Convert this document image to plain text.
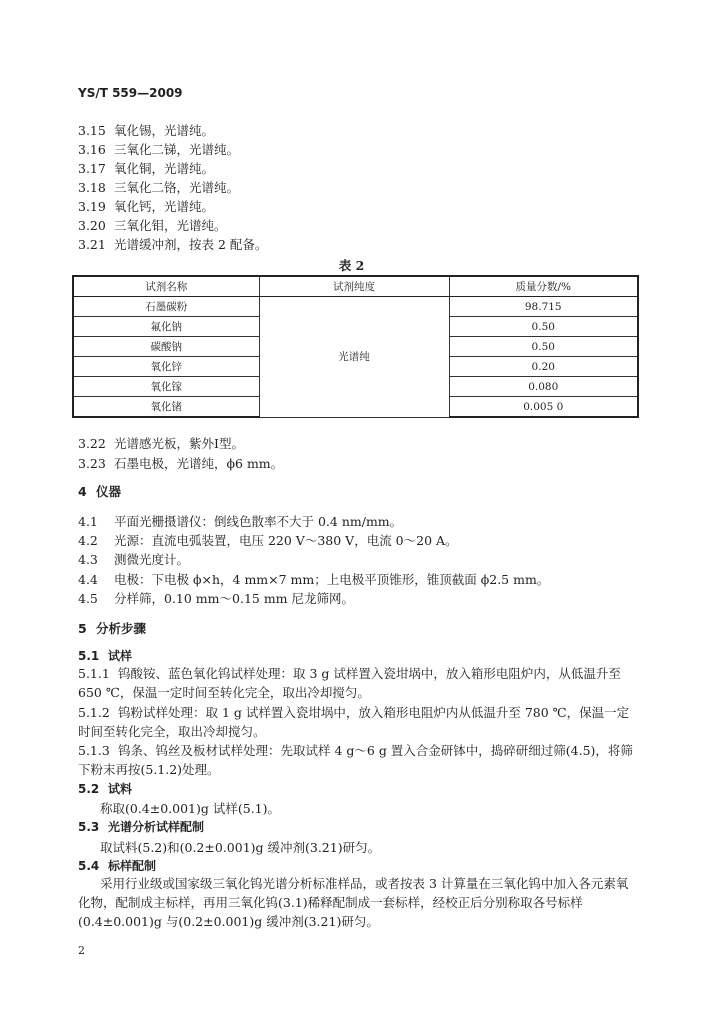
YS/T 559—2009
3.15 氧化锡，光谱纯。
3.16 三氧化二锑，光谱纯。
3.17 氧化铜，光谱纯。
3.18 三氧化二铬，光谱纯。
3.19 氧化钙，光谱纯。
3.20 三氧化钼，光谱纯。
3.21 光谱缓冲剂，按表 2 配备。
表 2
试剂名称	试剂纯度	质量分数/%
石墨碳粉	光谱纯	98.715
氟化钠		0.50
碳酸钠		0.50
氧化锌		0.20
氧化镓		0.080
氧化锗		0.005 0
3.22 光谱感光板，紫外Ⅰ型。
3.23 石墨电极，光谱纯，ϕ6 mm。
4 仪器
4.1 平面光栅摄谱仪：倒线色散率不大于 0.4 nm/mm。
4.2 光源：直流电弧装置，电压 220 V～380 V，电流 0～20 A。
4.3 测微光度计。
4.4 电极：下电极 ϕ×h，4 mm×7 mm；上电极平顶锥形，锥顶截面 ϕ2.5 mm。
4.5 分样筛，0.10 mm～0.15 mm 尼龙筛网。
5 分析步骤
5.1 试样
5.1.1 钨酸铵、蓝色氧化钨试样处理：取 3 g 试样置入瓷坩埚中，放入箱形电阻炉内，从低温升至 650 ℃，保温一定时间至转化完全，取出冷却搅匀。
5.1.2 钨粉试样处理：取 1 g 试样置入瓷坩埚中，放入箱形电阻炉内从低温升至 780 ℃，保温一定时间至转化完全，取出冷却搅匀。
5.1.3 钨条、钨丝及板材试样处理：先取试样 4 g～6 g 置入合金研钵中，捣碎研细过筛(4.5)，将筛下粉末再按(5.1.2)处理。
5.2 试料
称取(0.4±0.001)g 试样(5.1)。
5.3 光谱分析试样配制
取试料(5.2)和(0.2±0.001)g 缓冲剂(3.21)研匀。
5.4 标样配制
采用行业级或国家级三氧化钨光谱分析标准样品，或者按表 3 计算量在三氧化钨中加入各元素氧化物，配制成主标样，再用三氧化钨(3.1)稀释配制成一套标样，经校正后分别称取各号标样(0.4±0.001)g 与(0.2±0.001)g 缓冲剂(3.21)研匀。
2
